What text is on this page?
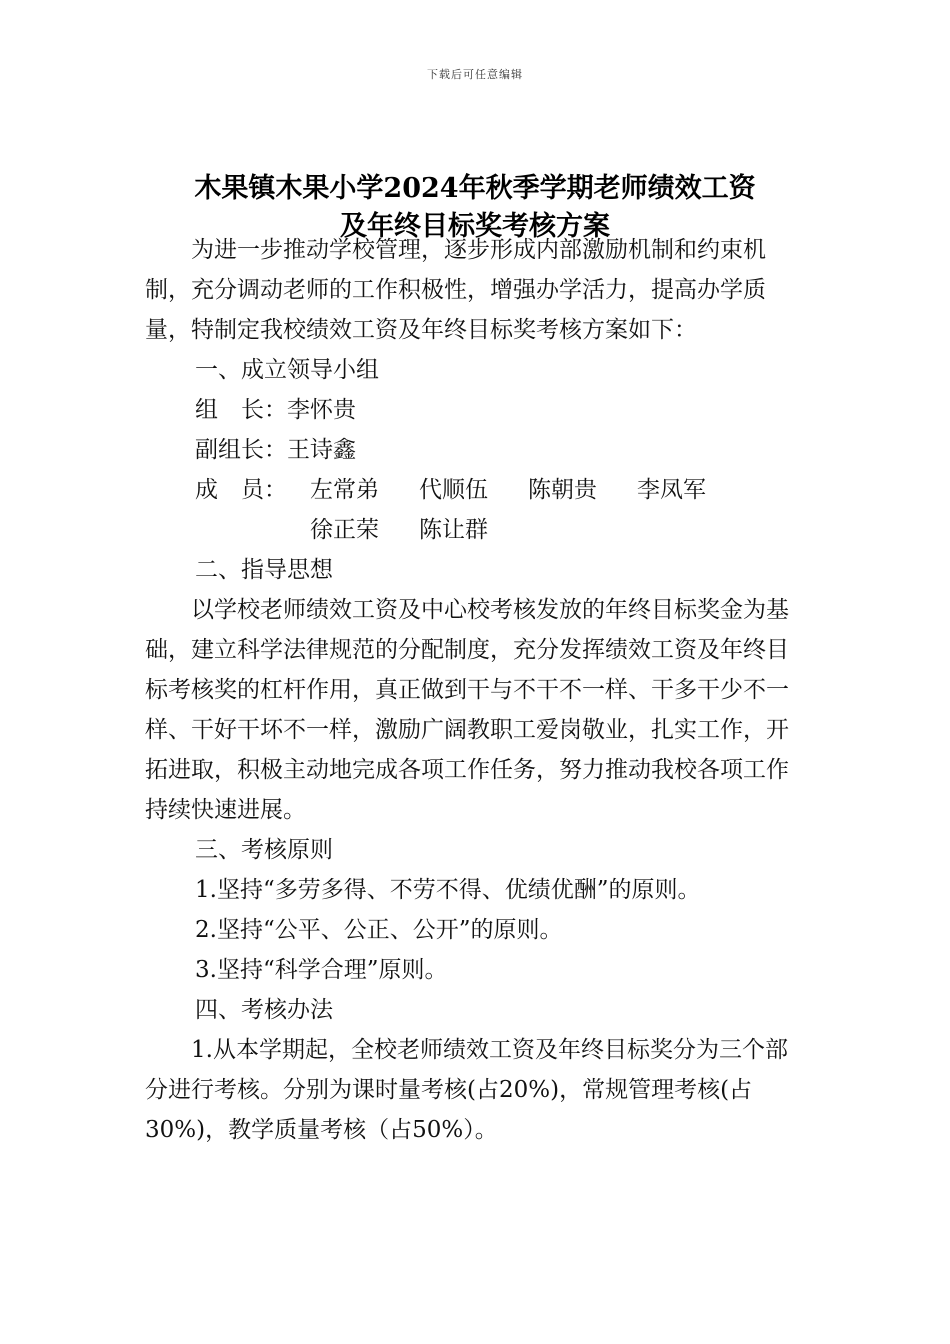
下载后可任意编辑
木果镇木果小学2024年秋季学期老师绩效工资
及年终目标奖考核方案

为进一步推动学校管理，逐步形成内部激励机制和约束机制，充分调动老师的工作积极性，增强办学活力，提高办学质量，特制定我校绩效工资及年终目标奖考核方案如下：

一、成立领导小组

组　长：李怀贵

副组长：王诗鑫

成　员：	左常弟 代顺伍 陈朝贵 李凤军
徐正荣 陈让群

二、指导思想

以学校老师绩效工资及中心校考核发放的年终目标奖金为基础，建立科学法律规范的分配制度，充分发挥绩效工资及年终目标考核奖的杠杆作用，真正做到干与不干不一样、干多干少不一样、干好干坏不一样，激励广阔教职工爱岗敬业，扎实工作，开拓进取，积极主动地完成各项工作任务，努力推动我校各项工作持续快速进展。

三、考核原则

1.坚持“多劳多得、不劳不得、优绩优酬”的原则。

2.坚持“公平、公正、公开”的原则。

3.坚持“科学合理”原则。

四、考核办法

1.从本学期起，全校老师绩效工资及年终目标奖分为三个部分进行考核。分别为课时量考核(占20%)，常规管理考核(占30%)，教学质量考核（占50%）。
